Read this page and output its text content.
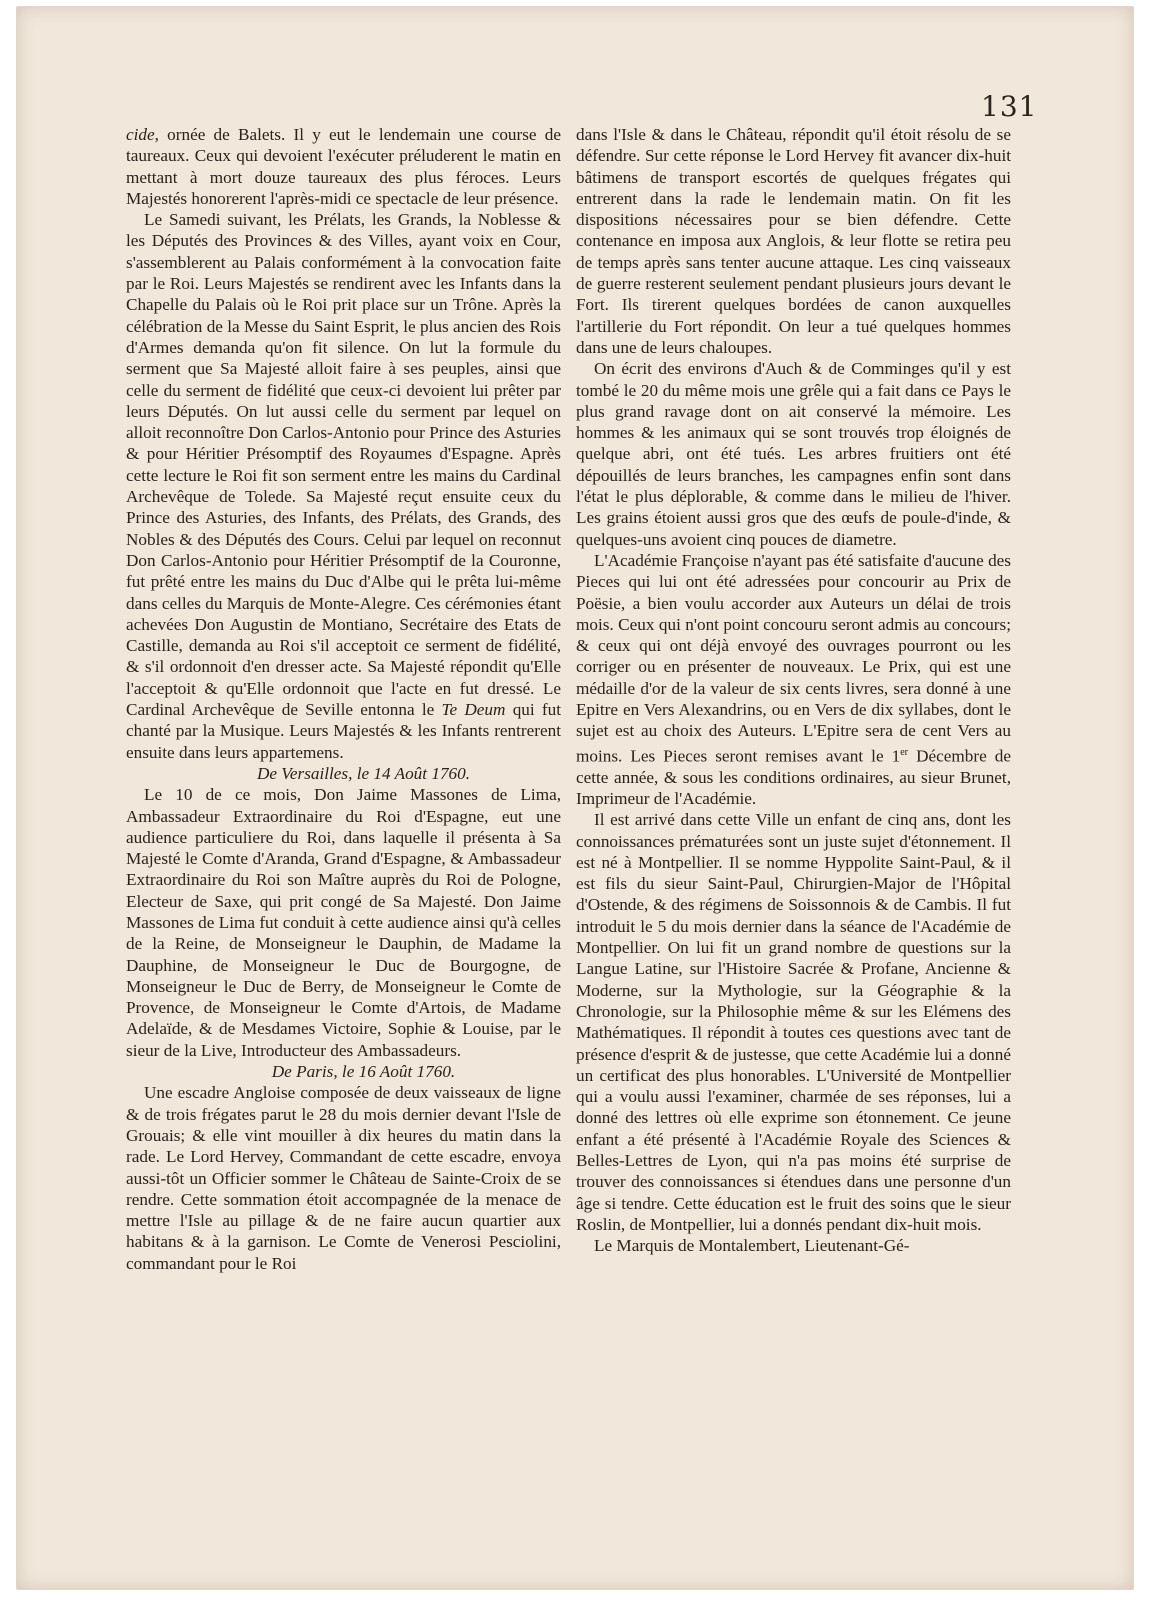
131

cide, ornée de Balets. Il y eut le lendemain une course de taureaux. Ceux qui devoient l'exécuter préluderent le matin en mettant à mort douze taureaux des plus féroces. Leurs Majestés honorerent l'après-midi ce spectacle de leur présence.

Le Samedi suivant, les Prélats, les Grands, la Noblesse & les Députés des Provinces & des Villes, ayant voix en Cour, s'assemblerent au Palais conformément à la convocation faite par le Roi. Leurs Majestés se rendirent avec les Infants dans la Chapelle du Palais où le Roi prit place sur un Trône. Après la célébration de la Messe du Saint Esprit, le plus ancien des Rois d'Armes demanda qu'on fit silence. On lut la formule du serment que Sa Majesté alloit faire à ses peuples, ainsi que celle du serment de fidélité que ceux-ci devoient lui prêter par leurs Députés. On lut aussi celle du serment par lequel on alloit reconnoître Don Carlos-Antonio pour Prince des Asturies & pour Héritier Présomptif des Royaumes d'Espagne. Après cette lecture le Roi fit son serment entre les mains du Cardinal Archevêque de Tolede. Sa Majesté reçut ensuite ceux du Prince des Asturies, des Infants, des Prélats, des Grands, des Nobles & des Députés des Cours. Celui par lequel on reconnut Don Carlos-Antonio pour Héritier Présomptif de la Couronne, fut prêté entre les mains du Duc d'Albe qui le prêta lui-même dans celles du Marquis de Monte-Alegre. Ces cérémonies étant achevées Don Augustin de Montiano, Secrétaire des Etats de Castille, demanda au Roi s'il acceptoit ce serment de fidélité, & s'il ordonnoit d'en dresser acte. Sa Majesté répondit qu'Elle l'acceptoit & qu'Elle ordonnoit que l'acte en fut dressé. Le Cardinal Archevêque de Seville entonna le Te Deum qui fut chanté par la Musique. Leurs Majestés & les Infants rentrerent ensuite dans leurs appartemens.

De Versailles, le 14 Août 1760.

Le 10 de ce mois, Don Jaime Massones de Lima, Ambassadeur Extraordinaire du Roi d'Espagne, eut une audience particuliere du Roi, dans laquelle il présenta à Sa Majesté le Comte d'Aranda, Grand d'Espagne, & Ambassadeur Extraordinaire du Roi son Maître auprès du Roi de Pologne, Electeur de Saxe, qui prit congé de Sa Majesté. Don Jaime Massones de Lima fut conduit à cette audience ainsi qu'à celles de la Reine, de Monseigneur le Dauphin, de Madame la Dauphine, de Monseigneur le Duc de Bourgogne, de Monseigneur le Duc de Berry, de Monseigneur le Comte de Provence, de Monseigneur le Comte d'Artois, de Madame Adelaïde, & de Mesdames Victoire, Sophie & Louise, par le sieur de la Live, Introducteur des Ambassadeurs.

De Paris, le 16 Août 1760.

Une escadre Angloise composée de deux vaisseaux de ligne & de trois frégates parut le 28 du mois dernier devant l'Isle de Grouais; & elle vint mouiller à dix heures du matin dans la rade. Le Lord Hervey, Commandant de cette escadre, envoya aussi-tôt un Officier sommer le Château de Sainte-Croix de se rendre. Cette sommation étoit accompagnée de la menace de mettre l'Isle au pillage & de ne faire aucun quartier aux habitans & à la garnison. Le Comte de Venerosi Pesciolini, commandant pour le Roi

dans l'Isle & dans le Château, répondit qu'il étoit résolu de se défendre. Sur cette réponse le Lord Hervey fit avancer dix-huit bâtimens de transport escortés de quelques frégates qui entrerent dans la rade le lendemain matin. On fit les dispositions nécessaires pour se bien défendre. Cette contenance en imposa aux Anglois, & leur flotte se retira peu de temps après sans tenter aucune attaque. Les cinq vaisseaux de guerre resterent seulement pendant plusieurs jours devant le Fort. Ils tirerent quelques bordées de canon auxquelles l'artillerie du Fort répondit. On leur a tué quelques hommes dans une de leurs chaloupes.

On écrit des environs d'Auch & de Comminges qu'il y est tombé le 20 du même mois une grêle qui a fait dans ce Pays le plus grand ravage dont on ait conservé la mémoire. Les hommes & les animaux qui se sont trouvés trop éloignés de quelque abri, ont été tués. Les arbres fruitiers ont été dépouillés de leurs branches, les campagnes enfin sont dans l'état le plus déplorable, & comme dans le milieu de l'hiver. Les grains étoient aussi gros que des œufs de poule-d'inde, & quelques-uns avoient cinq pouces de diametre.

L'Académie Françoise n'ayant pas été satisfaite d'aucune des Pieces qui lui ont été adressées pour concourir au Prix de Poësie, a bien voulu accorder aux Auteurs un délai de trois mois. Ceux qui n'ont point concouru seront admis au concours; & ceux qui ont déjà envoyé des ouvrages pourront ou les corriger ou en présenter de nouveaux. Le Prix, qui est une médaille d'or de la valeur de six cents livres, sera donné à une Epitre en Vers Alexandrins, ou en Vers de dix syllabes, dont le sujet est au choix des Auteurs. L'Epitre sera de cent Vers au moins. Les Pieces seront remises avant le 1er Décembre de cette année, & sous les conditions ordinaires, au sieur Brunet, Imprimeur de l'Académie.

Il est arrivé dans cette Ville un enfant de cinq ans, dont les connoissances prématurées sont un juste sujet d'étonnement. Il est né à Montpellier. Il se nomme Hyppolite Saint-Paul, & il est fils du sieur Saint-Paul, Chirurgien-Major de l'Hôpital d'Ostende, & des régimens de Soissonnois & de Cambis. Il fut introduit le 5 du mois dernier dans la séance de l'Académie de Montpellier. On lui fit un grand nombre de questions sur la Langue Latine, sur l'Histoire Sacrée & Profane, Ancienne & Moderne, sur la Mythologie, sur la Géographie & la Chronologie, sur la Philosophie même & sur les Elémens des Mathématiques. Il répondit à toutes ces questions avec tant de présence d'esprit & de justesse, que cette Académie lui a donné un certificat des plus honorables. L'Université de Montpellier qui a voulu aussi l'examiner, charmée de ses réponses, lui a donné des lettres où elle exprime son étonnement. Ce jeune enfant a été présenté à l'Académie Royale des Sciences & Belles-Lettres de Lyon, qui n'a pas moins été surprise de trouver des connoissances si étendues dans une personne d'un âge si tendre. Cette éducation est le fruit des soins que le sieur Roslin, de Montpellier, lui a donnés pendant dix-huit mois.

Le Marquis de Montalembert, Lieutenant-Gé-
